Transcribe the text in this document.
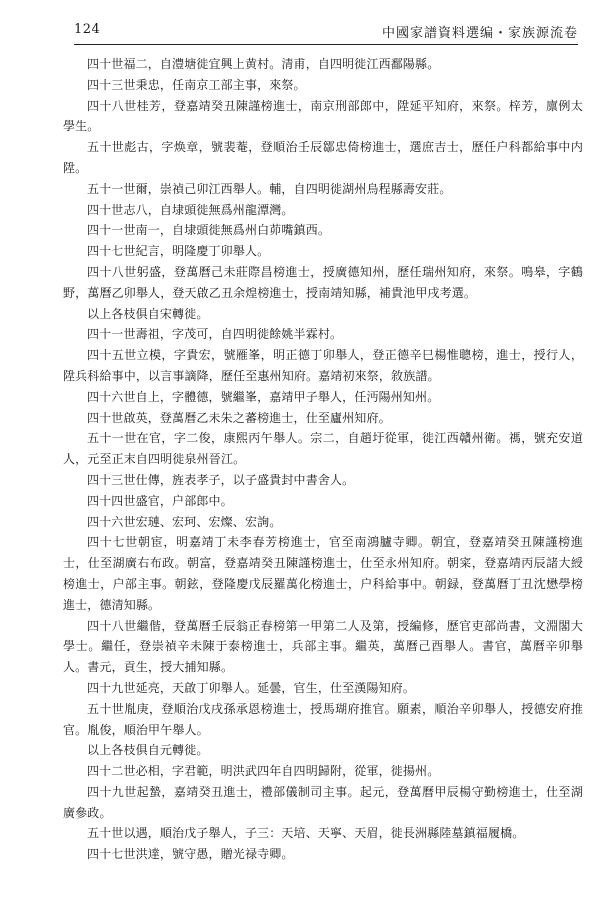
124	中國家譜資料選编・家族源流卷

四十世福二，自澧塘徙宜興上黄村。清甫，自四明徙江西鄱陽縣。

四十三世秉忠，任南京工部主事，來祭。

四十八世桂芳，登嘉靖癸丑陳謹榜進士，南京刑部郎中，陞延平知府，來祭。梓芳，廪例太學生。

五十世彪古，字焕章，號裴菴，登順治壬辰鄒忠倚榜進士，選庶吉士，歷任户科都給事中内陞。

五十一世爾，崇禎己卯江西舉人。輔，自四明徙湖州烏程縣壽安莊。

四十世志八，自埭頭徙無爲州龍潭灣。

四十一世南一，自埭頭徙無爲州白茆嘴鎮西。

四十七世紀言，明隆慶丁卯舉人。

四十八世躬盛，登萬曆己未莊際昌榜進士，授廣德知州，歷任瑞州知府，來祭。鳴皋，字鶴野，萬曆乙卯舉人，登天啟乙丑余煌榜進士，授南靖知縣，補貴池甲戌考選。

以上各枝俱自宋轉徙。

四十一世壽祖，字茂可，自四明徙餘姚半霖村。

四十五世立模，字貴宏，號雁峯，明正德丁卯舉人，登正德辛巳楊惟聰榜，進士，授行人，陞兵科給事中，以言事謫降，歷任至惠州知府。嘉靖初來祭，敘族譜。

四十六世自上，字體德，號繼峯，嘉靖甲子舉人，任沔陽州知州。

四十世啟英，登萬曆乙未朱之蕃榜進士，仕至廬州知府。

五十一世在官，字二俊，康熙丙午舉人。宗二，自趙圩從軍，徙江西贛州衛。禡，號充安道人，元至正末自四明徙泉州晉江。

四十三世仕傳，旌表孝子，以子盛貴封中書舍人。

四十四世盛官，户部郎中。

四十六世宏璉、宏珂、宏燦、宏詢。

四十七世朝宦，明嘉靖丁未李春芳榜進士，官至南鴻臚寺卿。朝宜，登嘉靖癸丑陳謹榜進士，仕至湖廣右布政。朝富，登嘉靖癸丑陳謹榜進士，仕至永州知府。朝寀，登嘉靖丙辰諸大綬榜進士，户部主事。朝鉉，登隆慶戊辰羅萬化榜進士，户科給事中。朝録，登萬曆丁丑沈懋學榜進士，德清知縣。

四十八世繼偕，登萬曆壬辰翁正春榜第一甲第二人及第，授編修，歷官吏部尚書，文淵閣大學士。繼任，登崇禎辛未陳于泰榜進士，兵部主事。繼英，萬曆己酉舉人。書官，萬曆辛卯舉人。書元，貢生，授大捕知縣。

四十九世延亮，天啟丁卯舉人。延曇，官生，仕至漢陽知府。

五十世胤庚，登順治戊戌孫承恩榜進士，授馬瑚府推官。願素，順治辛卯舉人，授德安府推官。胤俊，順治甲午舉人。

以上各枝俱自元轉徙。

四十二世必相，字君範，明洪武四年自四明歸附，從軍，徙揚州。

四十九世起蟄，嘉靖癸丑進士，禮部儀制司主事。起元，登萬曆甲辰楊守勤榜進士，仕至湖廣參政。

五十世以遇，順治戊子舉人，子三：天培、天寧、天眉，徙長洲縣陸墓鎮福履橋。

四十七世洪達，號守愚，贈光禄寺卿。
